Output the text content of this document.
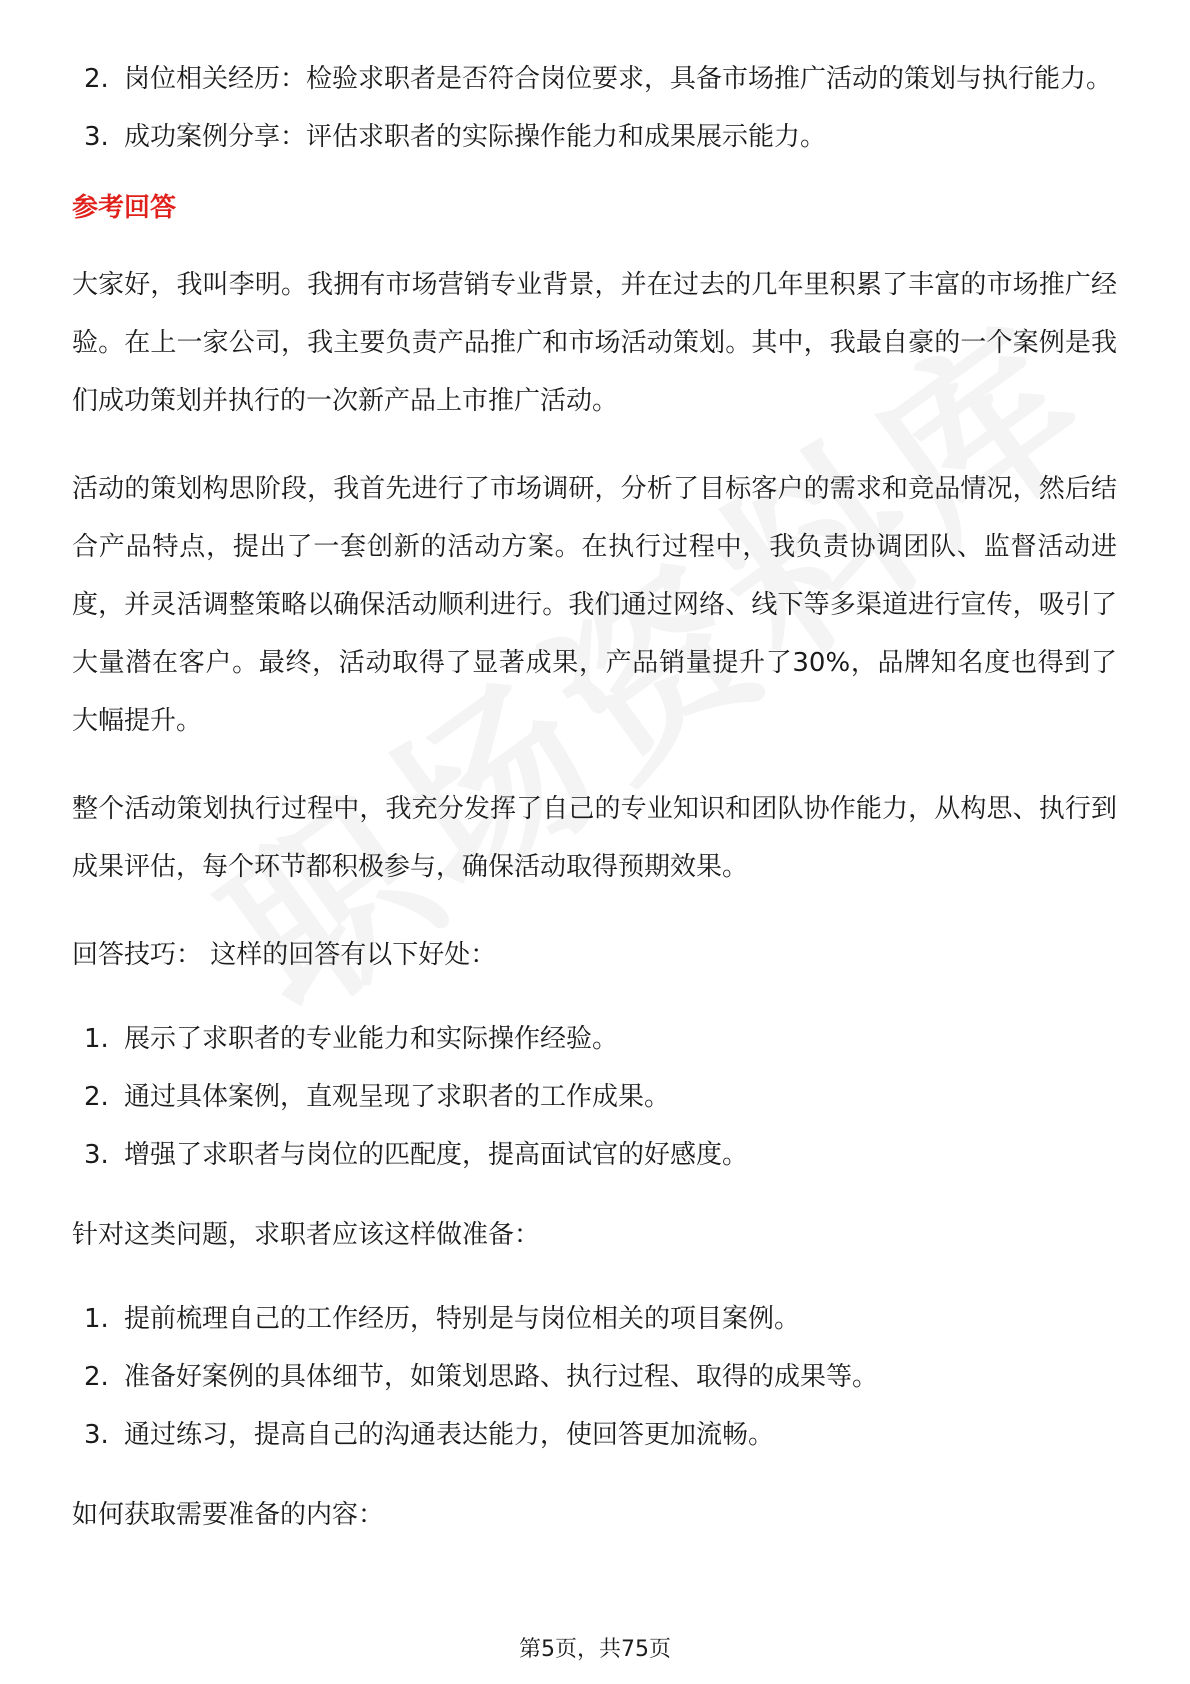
2. 岗位相关经历：检验求职者是否符合岗位要求，具备市场推广活动的策划与执行能力。
3. 成功案例分享：评估求职者的实际操作能力和成果展示能力。
参考回答

大家好，我叫李明。我拥有市场营销专业背景，并在过去的几年里积累了丰富的市场推广经验。在上一家公司，我主要负责产品推广和市场活动策划。其中，我最自豪的一个案例是我们成功策划并执行的一次新产品上市推广活动。

活动的策划构思阶段，我首先进行了市场调研，分析了目标客户的需求和竞品情况，然后结合产品特点，提出了一套创新的活动方案。在执行过程中，我负责协调团队、监督活动进度，并灵活调整策略以确保活动顺利进行。我们通过网络、线下等多渠道进行宣传，吸引了大量潜在客户。最终，活动取得了显著成果，产品销量提升了30%，品牌知名度也得到了大幅提升。

整个活动策划执行过程中，我充分发挥了自己的专业知识和团队协作能力，从构思、执行到成果评估，每个环节都积极参与，确保活动取得预期效果。

回答技巧： 这样的回答有以下好处：
1. 展示了求职者的专业能力和实际操作经验。
2. 通过具体案例，直观呈现了求职者的工作成果。
3. 增强了求职者与岗位的匹配度，提高面试官的好感度。
针对这类问题，求职者应该这样做准备：
1. 提前梳理自己的工作经历，特别是与岗位相关的项目案例。
2. 准备好案例的具体细节，如策划思路、执行过程、取得的成果等。
3. 通过练习，提高自己的沟通表达能力，使回答更加流畅。
如何获取需要准备的内容：
第5页，共75页
